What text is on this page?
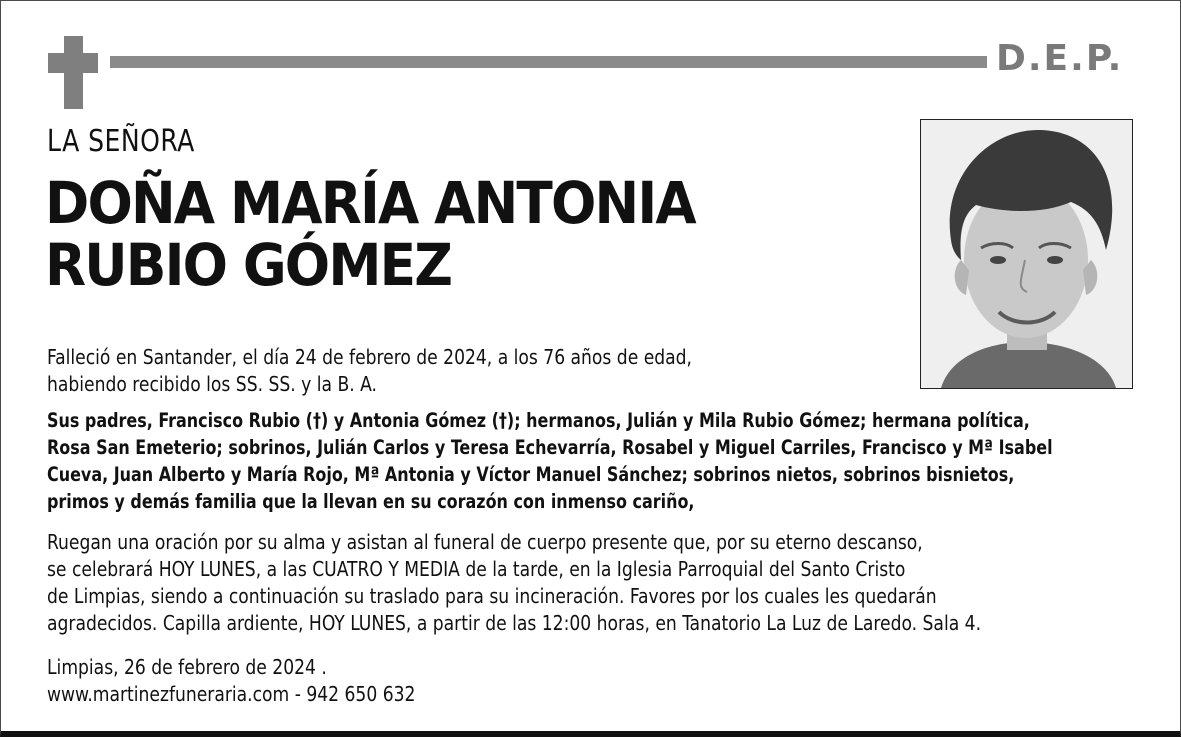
D.E.P.
LA SEÑORA
DOÑA MARÍA ANTONIA
RUBIO GÓMEZ

Falleció en Santander, el día 24 de febrero de 2024, a los 76 años de edad,
habiendo recibido los SS. SS. y la B. A.

Sus padres, Francisco Rubio (†) y Antonia Gómez (†); hermanos, Julián y Mila Rubio Gómez; hermana política,
Rosa San Emeterio; sobrinos, Julián Carlos y Teresa Echevarría, Rosabel y Miguel Carriles, Francisco y Mª Isabel
Cueva, Juan Alberto y María Rojo, Mª Antonia y Víctor Manuel Sánchez; sobrinos nietos, sobrinos bisnietos,
primos y demás familia que la llevan en su corazón con inmenso cariño,

Ruegan una oración por su alma y asistan al funeral de cuerpo presente que, por su eterno descanso,
se celebrará HOY LUNES, a las CUATRO Y MEDIA de la tarde, en la Iglesia Parroquial del Santo Cristo
de Limpias, siendo a continuación su traslado para su incineración. Favores por los cuales les quedarán
agradecidos. Capilla ardiente, HOY LUNES, a partir de las 12:00 horas, en Tanatorio La Luz de Laredo. Sala 4.

Limpias, 26 de febrero de 2024 .
www.martinezfuneraria.com - 942 650 632
